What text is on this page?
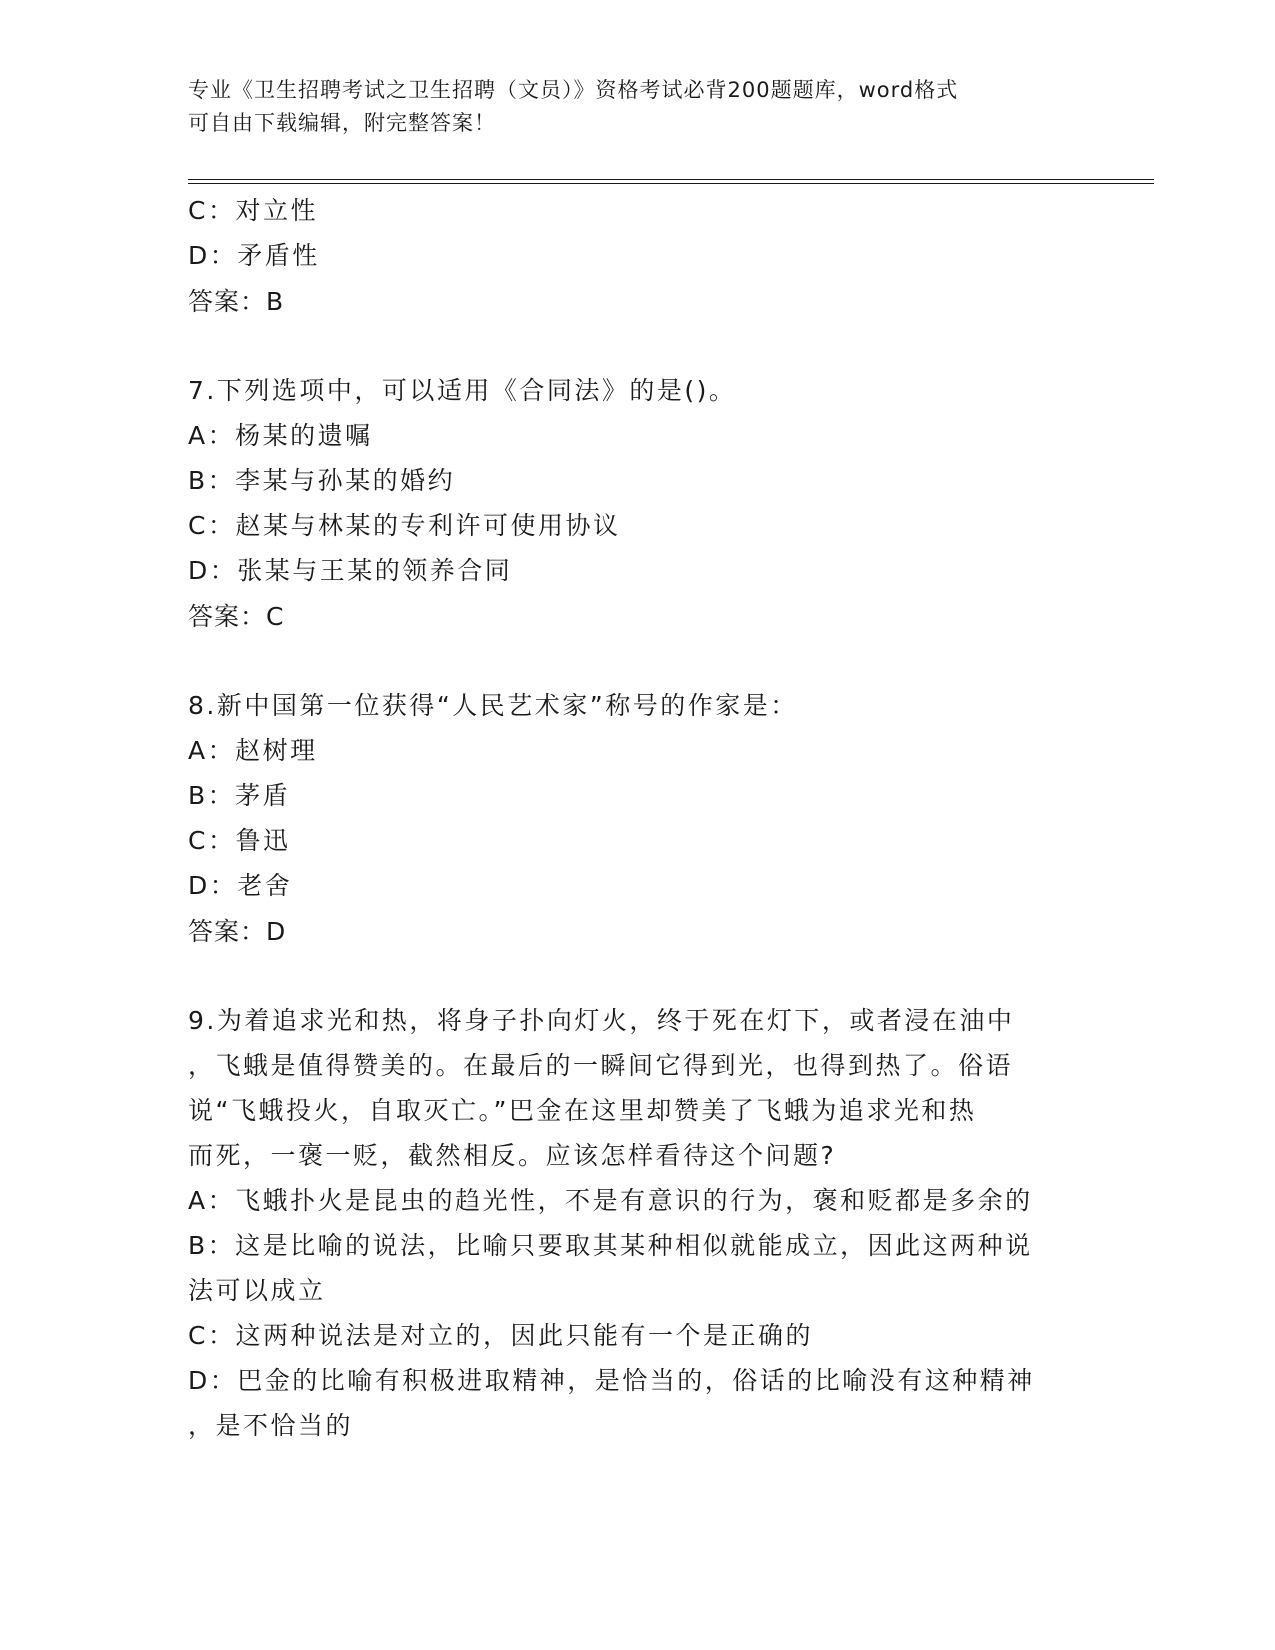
专业《卫生招聘考试之卫生招聘（文员）》资格考试必背200题题库，word格式
可自由下载编辑，附完整答案！
C：对立性
D：矛盾性
答案：B
7.下列选项中，可以适用《合同法》的是()。
A：杨某的遗嘱
B：李某与孙某的婚约
C：赵某与林某的专利许可使用协议
D：张某与王某的领养合同
答案：C
8.新中国第一位获得“人民艺术家”称号的作家是：
A：赵树理
B：茅盾
C：鲁迅
D：老舍
答案：D
9.为着追求光和热，将身子扑向灯火，终于死在灯下，或者浸在油中
，飞蛾是值得赞美的。在最后的一瞬间它得到光，也得到热了。俗语
说“飞蛾投火，自取灭亡。”巴金在这里却赞美了飞蛾为追求光和热
而死，一褒一贬，截然相反。应该怎样看待这个问题?
A：飞蛾扑火是昆虫的趋光性，不是有意识的行为，褒和贬都是多余的
B：这是比喻的说法，比喻只要取其某种相似就能成立，因此这两种说
法可以成立
C：这两种说法是对立的，因此只能有一个是正确的
D：巴金的比喻有积极进取精神，是恰当的，俗话的比喻没有这种精神
，是不恰当的
